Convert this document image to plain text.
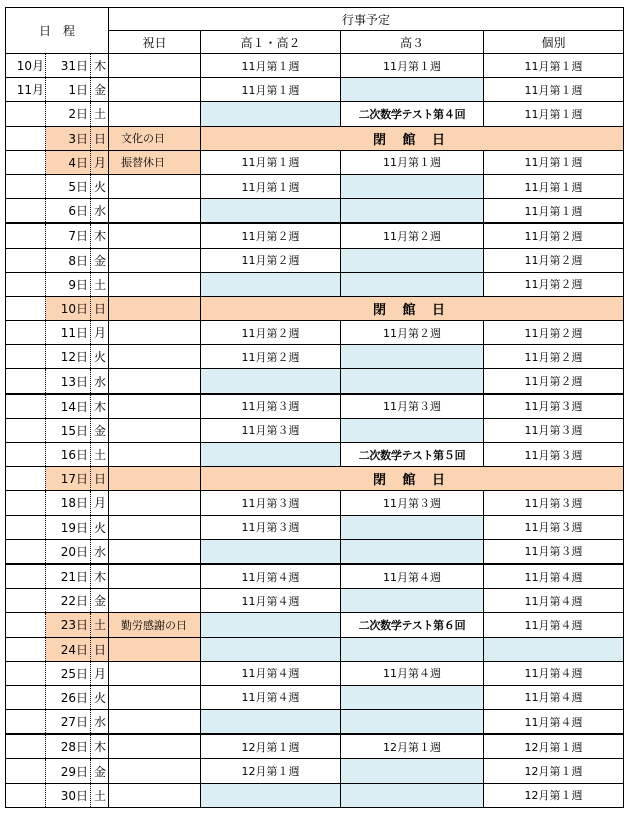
日　程			行事予定			
			祝日	高１・高２	高３	個別
10月	31日	木		11月第１週	11月第１週	11月第１週
11月	1日	金		11月第１週		11月第１週
	2日	土			二次数学テスト第４回	11月第１週
	3日	日	文化の日	閉 館 日		
	4日	月	振替休日	11月第１週	11月第１週	11月第１週
	5日	火		11月第１週		11月第１週
	6日	水				11月第１週
	7日	木		11月第２週	11月第２週	11月第２週
	8日	金		11月第２週		11月第２週
	9日	土				11月第２週
	10日	日		閉 館 日		
	11日	月		11月第２週	11月第２週	11月第２週
	12日	火		11月第２週		11月第２週
	13日	水				11月第２週
	14日	木		11月第３週	11月第３週	11月第３週
	15日	金		11月第３週		11月第３週
	16日	土			二次数学テスト第５回	11月第３週
	17日	日		閉 館 日		
	18日	月		11月第３週	11月第３週	11月第３週
	19日	火		11月第３週		11月第３週
	20日	水				11月第３週
	21日	木		11月第４週	11月第４週	11月第４週
	22日	金		11月第４週		11月第４週
	23日	土	勤労感謝の日		二次数学テスト第６回	11月第４週
	24日	日				
	25日	月		11月第４週	11月第４週	11月第４週
	26日	火		11月第４週		11月第４週
	27日	水				11月第４週
	28日	木		12月第１週	12月第１週	12月第１週
	29日	金		12月第１週		12月第１週
	30日	土				12月第１週
